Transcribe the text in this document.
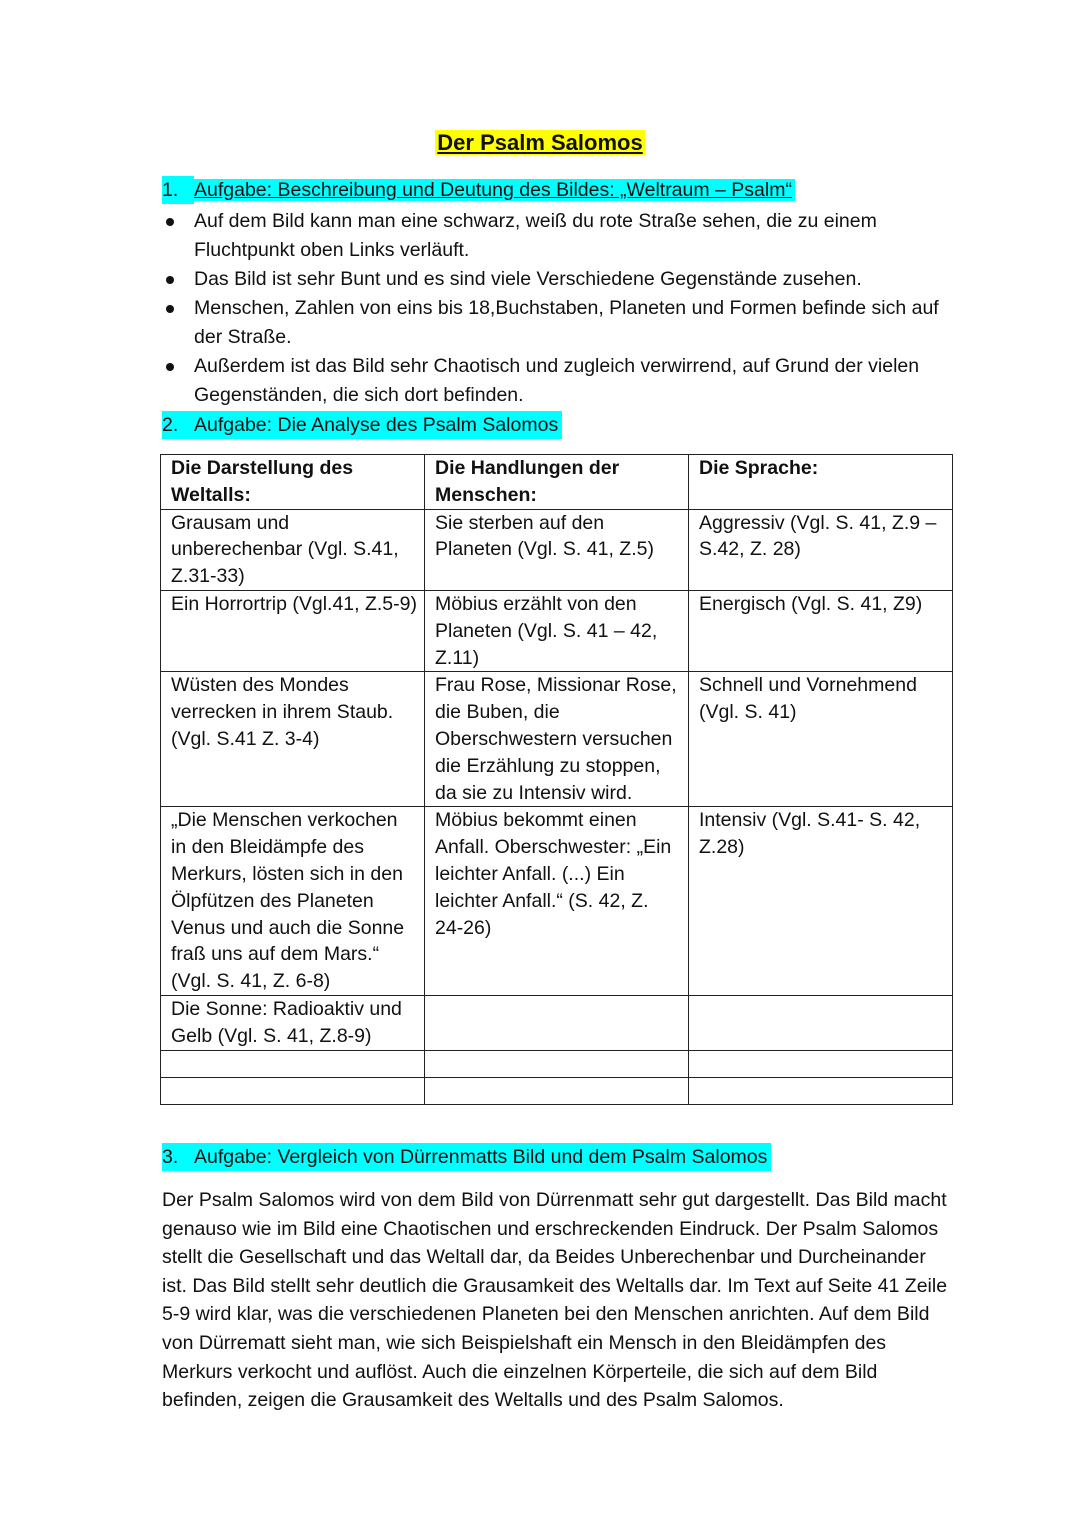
Der Psalm Salomos
1. Aufgabe: Beschreibung und Deutung des Bildes: „Weltraum – Psalm“
Auf dem Bild kann man eine schwarz, weiß du rote Straße sehen, die zu einem Fluchtpunkt oben Links verläuft.
Das Bild ist sehr Bunt und es sind viele Verschiedene Gegenstände zusehen.
Menschen, Zahlen von eins bis 18,Buchstaben, Planeten und Formen befinde sich auf der Straße.
Außerdem ist das Bild sehr Chaotisch und zugleich verwirrend, auf Grund der vielen Gegenständen, die sich dort befinden.
2. Aufgabe: Die Analyse des Psalm Salomos
Die Darstellung des Weltalls:	Die Handlungen der Menschen:	Die Sprache:
Grausam und unberechenbar (Vgl. S.41, Z.31-33)	Sie sterben auf den Planeten (Vgl. S. 41, Z.5)	Aggressiv (Vgl. S. 41, Z.9 – S.42, Z. 28)
Ein Horrortrip (Vgl.41, Z.5-9)	Möbius erzählt von den Planeten (Vgl. S. 41 – 42, Z.11)	Energisch (Vgl. S. 41, Z9)
Wüsten des Mondes verrecken in ihrem Staub. (Vgl. S.41 Z. 3-4)	Frau Rose, Missionar Rose, die Buben, die Oberschwestern versuchen die Erzählung zu stoppen, da sie zu Intensiv wird.	Schnell und Vornehmend (Vgl. S. 41)
„Die Menschen verkochen in den Bleidämpfe des Merkurs, lösten sich in den Ölpfützen des Planeten Venus und auch die Sonne fraß uns auf dem Mars.“ (Vgl. S. 41, Z. 6-8)	Möbius bekommt einen Anfall. Oberschwester: „Ein leichter Anfall. (...) Ein leichter Anfall.“ (S. 42, Z. 24-26)	Intensiv (Vgl. S.41- S. 42, Z.28)
Die Sonne: Radioaktiv und Gelb (Vgl. S. 41, Z.8-9)		

3. Aufgabe: Vergleich von Dürrenmatts Bild und dem Psalm Salomos

Der Psalm Salomos wird von dem Bild von Dürrenmatt sehr gut dargestellt. Das Bild macht genauso wie im Bild eine Chaotischen und erschreckenden Eindruck. Der Psalm Salomos stellt die Gesellschaft und das Weltall dar, da Beides Unberechenbar und Durcheinander ist. Das Bild stellt sehr deutlich die Grausamkeit des Weltalls dar. Im Text auf Seite 41 Zeile 5-9 wird klar, was die verschiedenen Planeten bei den Menschen anrichten. Auf dem Bild von Dürrematt sieht man, wie sich Beispielshaft ein Mensch in den Bleidämpfen des Merkurs verkocht und auflöst. Auch die einzelnen Körperteile, die sich auf dem Bild befinden, zeigen die Grausamkeit des Weltalls und des Psalm Salomos.
